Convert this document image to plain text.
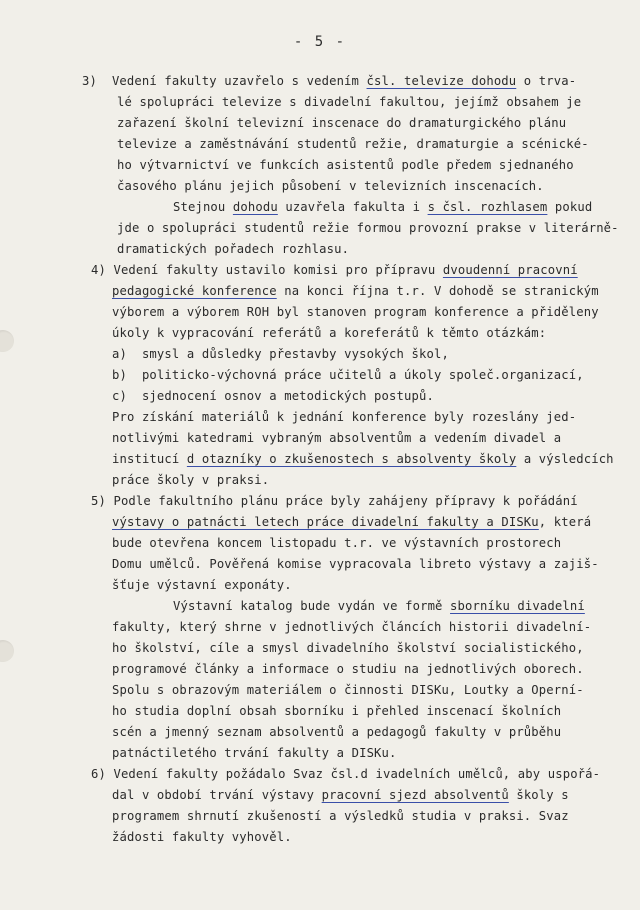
- 5 -
3)  Vedení fakulty uzavřelo s vedením čsl. televize dohodu o trva-
lé spolupráci televize s divadelní fakultou, jejímž obsahem je
zařazení školní televizní inscenace do dramaturgického plánu
televize a zaměstnávání studentů režie, dramaturgie a scénické-
ho výtvarnictví ve funkcích asistentů podle předem sjednaného
časového plánu jejich působení v televizních inscenacích.
Stejnou dohodu uzavřela fakulta i s čsl. rozhlasem pokud
jde o spolupráci studentů režie formou provozní prakse v literárně-
dramatických pořadech rozhlasu.
4) Vedení fakulty ustavilo komisi pro přípravu dvoudenní pracovní
pedagogické konference na konci října t.r. V dohodě se stranickým
výborem a výborem ROH byl stanoven program konference a přiděleny
úkoly k vypracování referátů a koreferátů k těmto otázkám:
a)  smysl a důsledky přestavby vysokých škol,
b)  politicko-výchovná práce učitelů a úkoly společ.organizací,
c)  sjednocení osnov a metodických postupů.
Pro získání materiálů k jednání konference byly rozeslány jed-
notlivými katedrami vybraným absolventům a vedením divadel a
institucí d otazníky o zkušenostech s absolventy školy a výsledcích
práce školy v praksi.
5) Podle fakultního plánu práce byly zahájeny přípravy k pořádání
výstavy o patnácti letech práce divadelní fakulty a DISKu, která
bude otevřena koncem listopadu t.r. ve výstavních prostorech
Domu umělců. Pověřená komise vypracovala libreto výstavy a zajiš-
šťuje výstavní exponáty.
Výstavní katalog bude vydán ve formě sborníku divadelní
fakulty, který shrne v jednotlivých článcích historii divadelní-
ho školství, cíle a smysl divadelního školství socialistického,
programové články a informace o studiu na jednotlivých oborech.
Spolu s obrazovým materiálem o činnosti DISKu, Loutky a Operní-
ho studia doplní obsah sborníku i přehled inscenací školních
scén a jmenný seznam absolventů a pedagogů fakulty v průběhu
patnáctiletého trvání fakulty a DISKu.
6) Vedení fakulty požádalo Svaz čsl.d ivadelních umělců, aby uspořá-
dal v období trvání výstavy pracovní sjezd absolventů školy s
programem shrnutí zkušeností a výsledků studia v praksi. Svaz
žádosti fakulty vyhověl.
